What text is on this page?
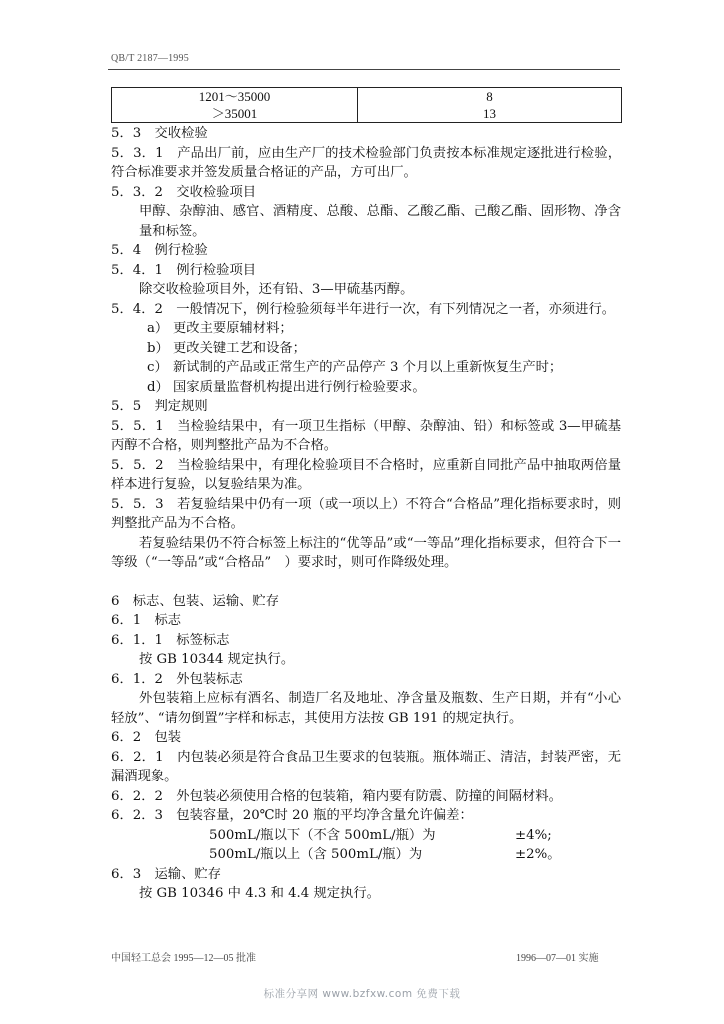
QB/T 2187—1995
1201～35000	8
＞35001	13

5．3　交收检验

5．3．1　产品出厂前，应由生产厂的技术检验部门负责按本标准规定逐批进行检验，符合标准要求并签发质量合格证的产品，方可出厂。

5．3．2　交收检验项目

甲醇、杂醇油、感官、酒精度、总酸、总酯、乙酸乙酯、己酸乙酯、固形物、净含量和标签。

5．4　例行检验

5．4．1　例行检验项目

除交收检验项目外，还有铅、3—甲硫基丙醇。

5．4．2　一般情况下，例行检验须每半年进行一次，有下列情况之一者，亦须进行。

a） 更改主要原辅材料；

b） 更改关键工艺和设备；

c） 新试制的产品或正常生产的产品停产 3 个月以上重新恢复生产时；

d） 国家质量监督机构提出进行例行检验要求。

5．5　判定规则

5．5．1　当检验结果中，有一项卫生指标（甲醇、杂醇油、铅）和标签或 3—甲硫基丙醇不合格，则判整批产品为不合格。

5．5．2　当检验结果中，有理化检验项目不合格时，应重新自同批产品中抽取两倍量样本进行复验，以复验结果为准。

5．5．3　若复验结果中仍有一项（或一项以上）不符合“合格品”理化指标要求时，则判整批产品为不合格。

若复验结果仍不符合标签上标注的“优等品”或“一等品”理化指标要求，但符合下一等级（“一等品”或“合格品”　）要求时，则可作降级处理。

6　标志、包装、运输、贮存

6．1　标志

6．1．1　标签标志

按 GB 10344 规定执行。

6．1．2　外包装标志

外包装箱上应标有酒名、制造厂名及地址、净含量及瓶数、生产日期，并有“小心轻放”、“请勿倒置”字样和标志，其使用方法按 GB 191 的规定执行。

6．2　包装

6．2．1　内包装必须是符合食品卫生要求的包装瓶。瓶体端正、清洁，封装严密，无漏酒现象。

6．2．2　外包装必须使用合格的包装箱，箱内要有防震、防撞的间隔材料。

6．2．3　包装容量，20℃时 20 瓶的平均净含量允许偏差：

500mL/瓶以下（不含 500mL/瓶）为	±4%;
500mL/瓶以上（含 500mL/瓶）为	±2%。

6．3　运输、贮存

按 GB 10346 中 4.3 和 4.4 规定执行。

中国轻工总会 1995—12—05 批准	1996—07—01 实施
标准分享网 www.bzfxw.com 免费下载
